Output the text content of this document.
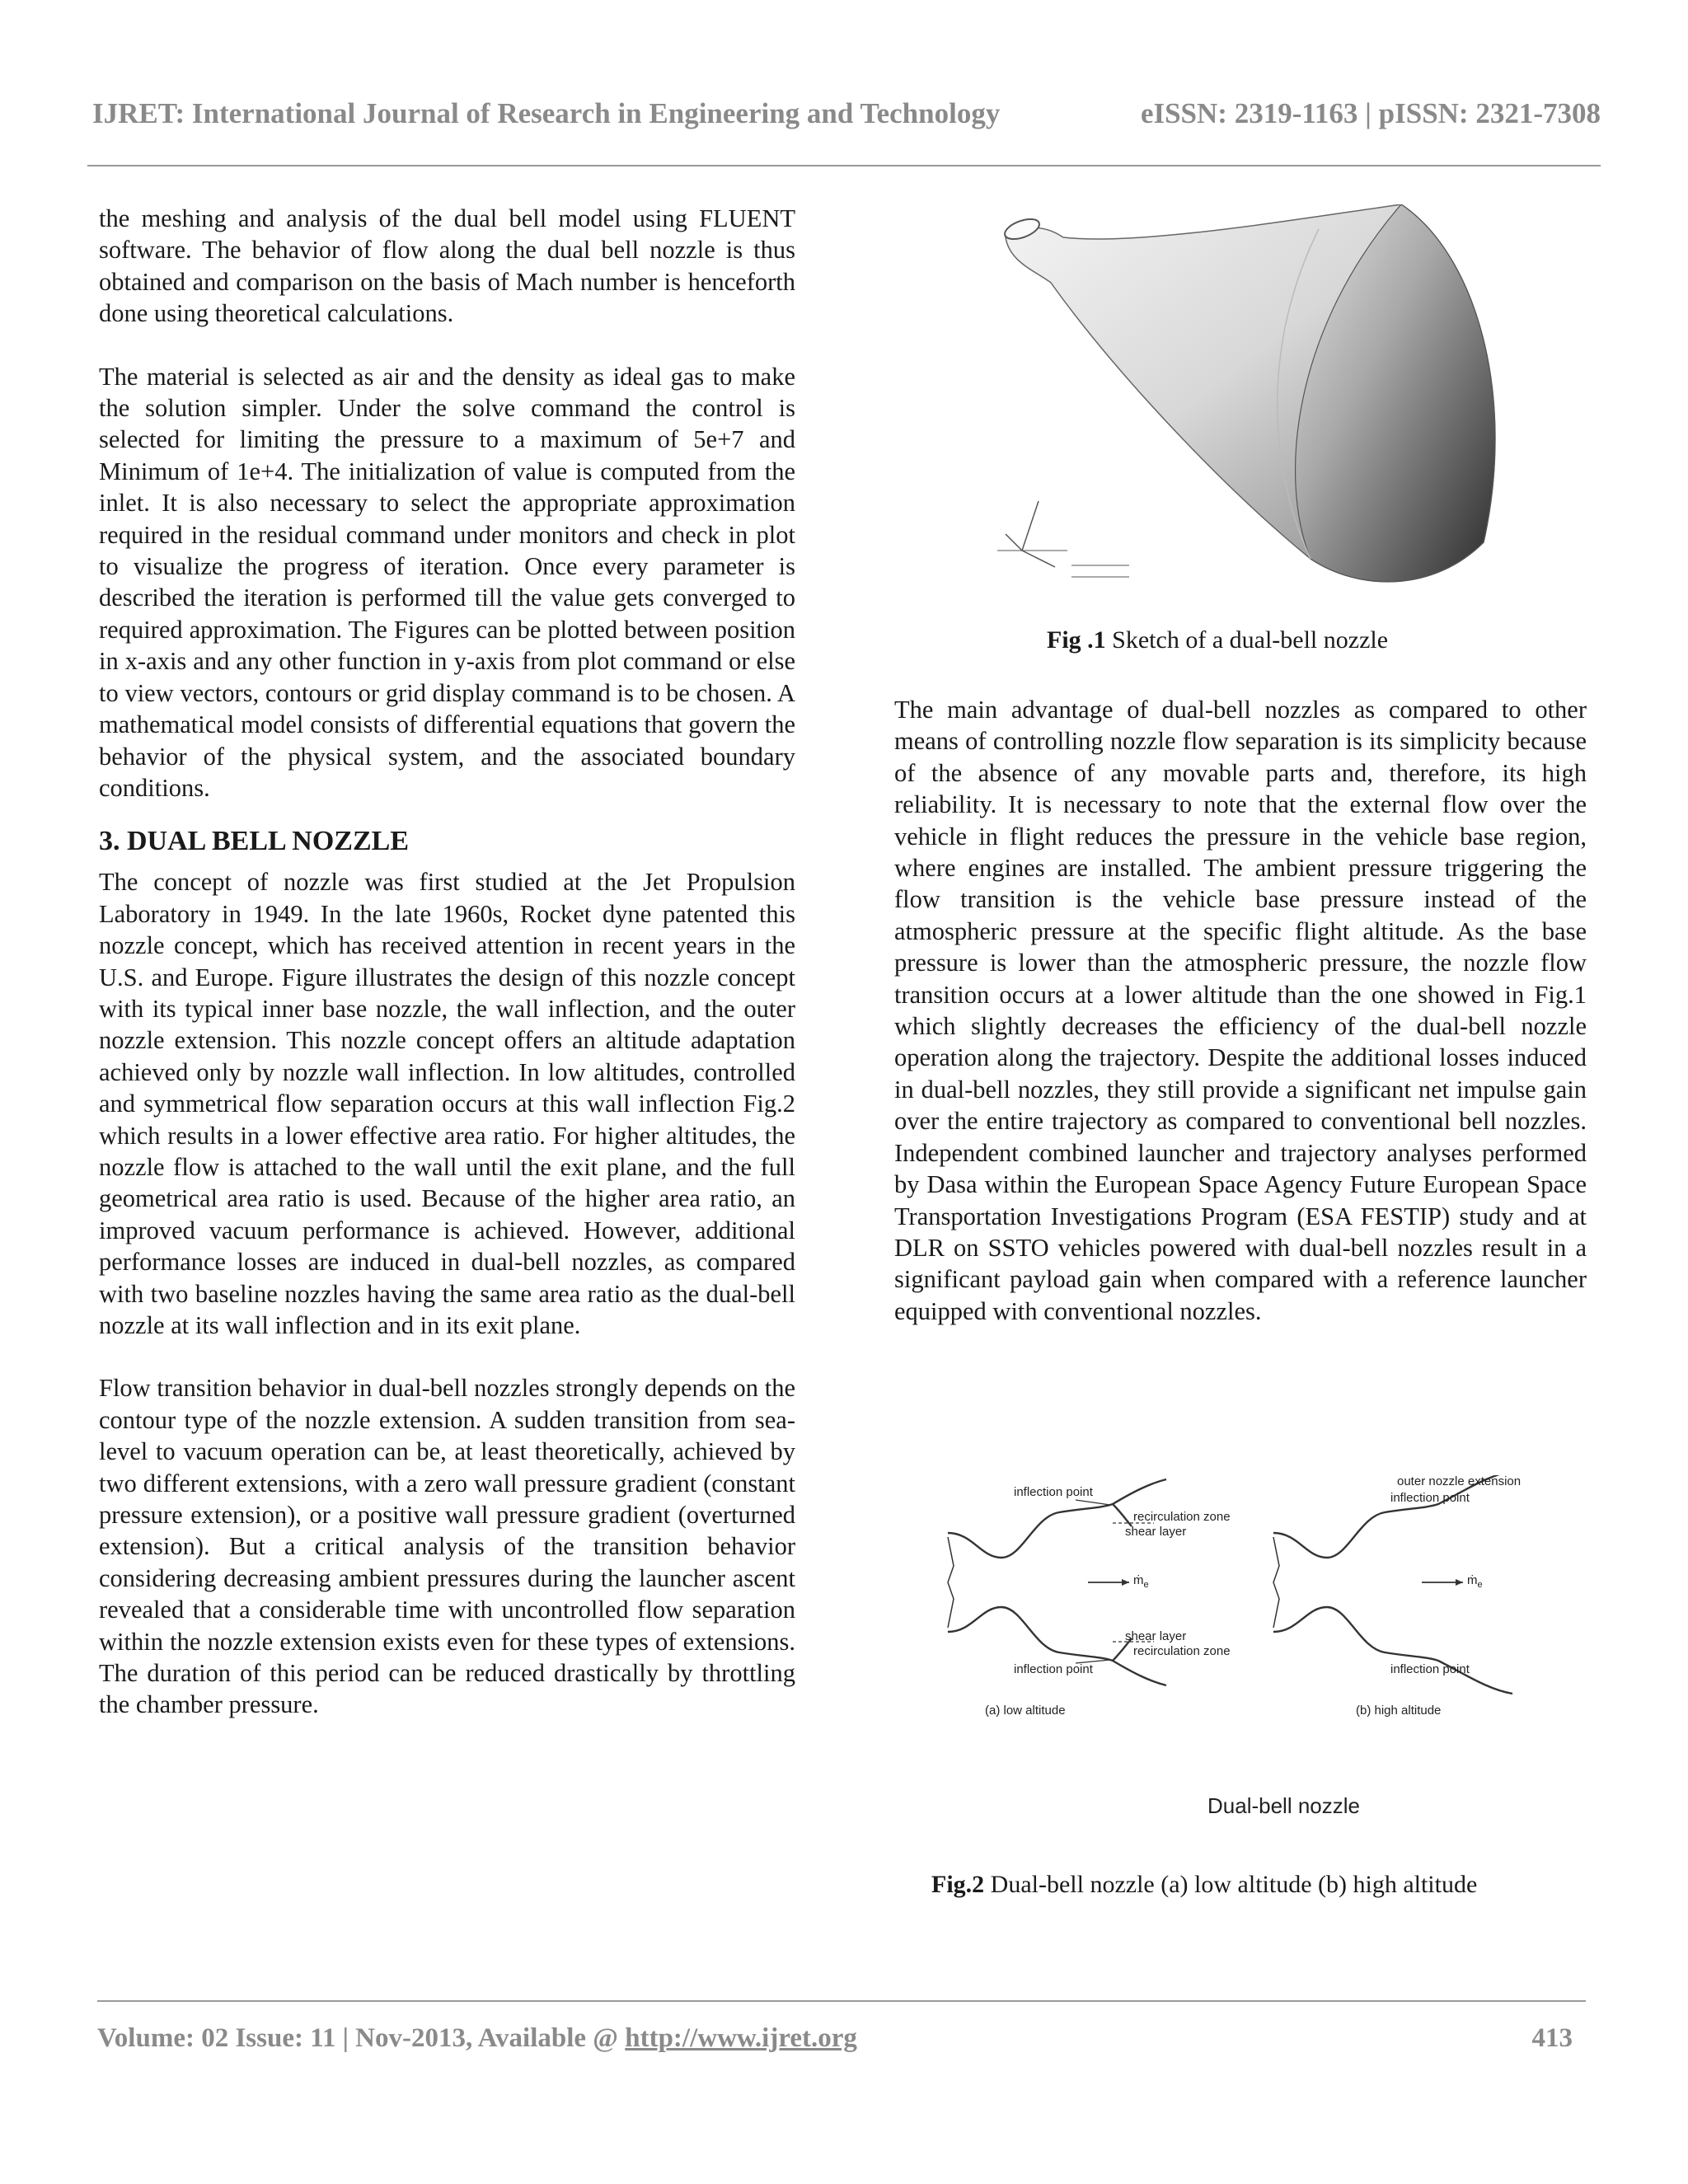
IJRET: International Journal of Research in Engineering and Technology	eISSN: 2319-1163 | pISSN: 2321-7308

the meshing and analysis of the dual bell model using FLUENT software. The behavior of flow along the dual bell nozzle is thus obtained and comparison on the basis of Mach number is henceforth done using theoretical calculations.

The material is selected as air and the density as ideal gas to make the solution simpler. Under the solve command the control is selected for limiting the pressure to a maximum of 5e+7 and Minimum of 1e+4. The initialization of value is computed from the inlet. It is also necessary to select the appropriate approximation required in the residual command under monitors and check in plot to visualize the progress of iteration. Once every parameter is described the iteration is performed till the value gets converged to required approximation. The Figures can be plotted between position in x-axis and any other function in y-axis from plot command or else to view vectors, contours or grid display command is to be chosen. A mathematical model consists of differential equations that govern the behavior of the physical system, and the associated boundary conditions.

3. DUAL BELL NOZZLE

The concept of nozzle was first studied at the Jet Propulsion Laboratory in 1949. In the late 1960s, Rocket dyne patented this nozzle concept, which has received attention in recent years in the U.S. and Europe. Figure illustrates the design of this nozzle concept with its typical inner base nozzle, the wall inflection, and the outer nozzle extension. This nozzle concept offers an altitude adaptation achieved only by nozzle wall inflection. In low altitudes, controlled and symmetrical flow separation occurs at this wall inflection Fig.2 which results in a lower effective area ratio. For higher altitudes, the nozzle flow is attached to the wall until the exit plane, and the full geometrical area ratio is used. Because of the higher area ratio, an improved vacuum performance is achieved. However, additional performance losses are induced in dual-bell nozzles, as compared with two baseline nozzles having the same area ratio as the dual-bell nozzle at its wall inflection and in its exit plane.

Flow transition behavior in dual-bell nozzles strongly depends on the contour type of the nozzle extension. A sudden transition from sea-level to vacuum operation can be, at least theoretically, achieved by two different extensions, with a zero wall pressure gradient (constant pressure extension), or a positive wall pressure gradient (overturned extension). But a critical analysis of the transition behavior considering decreasing ambient pressures during the launcher ascent revealed that a considerable time with uncontrolled flow separation within the nozzle extension exists even for these types of extensions. The duration of this period can be reduced drastically by throttling the chamber pressure.

Fig .1 Sketch of a dual-bell nozzle

The main advantage of dual-bell nozzles as compared to other means of controlling nozzle flow separation is its simplicity because of the absence of any movable parts and, therefore, its high reliability. It is necessary to note that the external flow over the vehicle in flight reduces the pressure in the vehicle base region, where engines are installed. The ambient pressure triggering the flow transition is the vehicle base pressure instead of the atmospheric pressure at the specific flight altitude. As the base pressure is lower than the atmospheric pressure, the nozzle flow transition occurs at a lower altitude than the one showed in Fig.1 which slightly decreases the efficiency of the dual-bell nozzle operation along the trajectory. Despite the additional losses induced in dual-bell nozzles, they still provide a significant net impulse gain over the entire trajectory as compared to conventional bell nozzles. Independent combined launcher and trajectory analyses performed by Dasa within the European Space Agency Future European Space Transportation Investigations Program (ESA FESTIP) study and at DLR on SSTO vehicles powered with dual-bell nozzles result in a significant payload gain when compared with a reference launcher equipped with conventional nozzles.

inflection point
recirculation zone
shear layer
ṁ$_e$
shear layer
recirculation zone
inflection point
(a) low altitude
outer nozzle extension
inflection point
ṁ$_e$
inflection point
(b) high altitude
Dual-bell nozzle
Fig.2 Dual-bell nozzle (a) low altitude (b) high altitude
Volume: 02 Issue: 11 | Nov-2013, Available @ http://www.ijret.org	413
